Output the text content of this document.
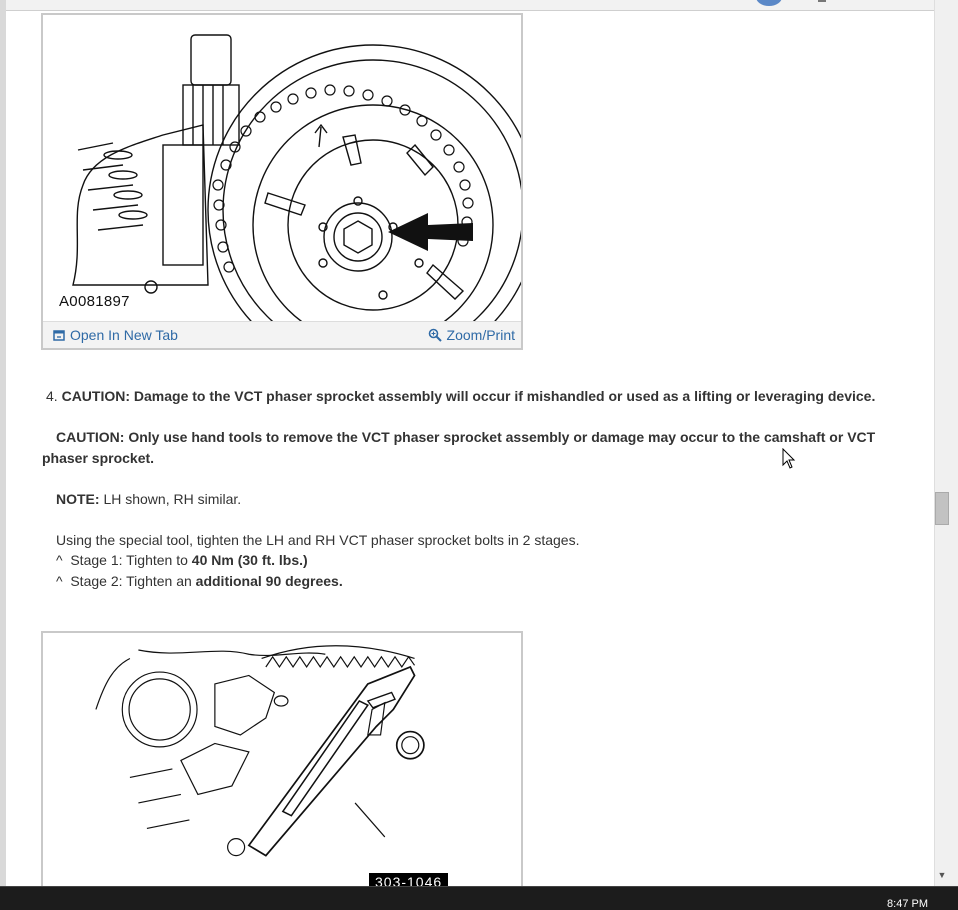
A0081897
Open In New Tab	Zoom/Print
4. CAUTION: Damage to the VCT phaser sprocket assembly will occur if mishandled or used as a lifting or leveraging device.
CAUTION: Only use hand tools to remove the VCT phaser sprocket assembly or damage may occur to the camshaft or VCT phaser sprocket.
NOTE: LH shown, RH similar.
Using the special tool, tighten the LH and RH VCT phaser sprocket bolts in 2 stages.
^  Stage 1: Tighten to 40 Nm (30 ft. lbs.)
^  Stage 2: Tighten an additional 90 degrees.
303-1046	▼
8:47 PM
